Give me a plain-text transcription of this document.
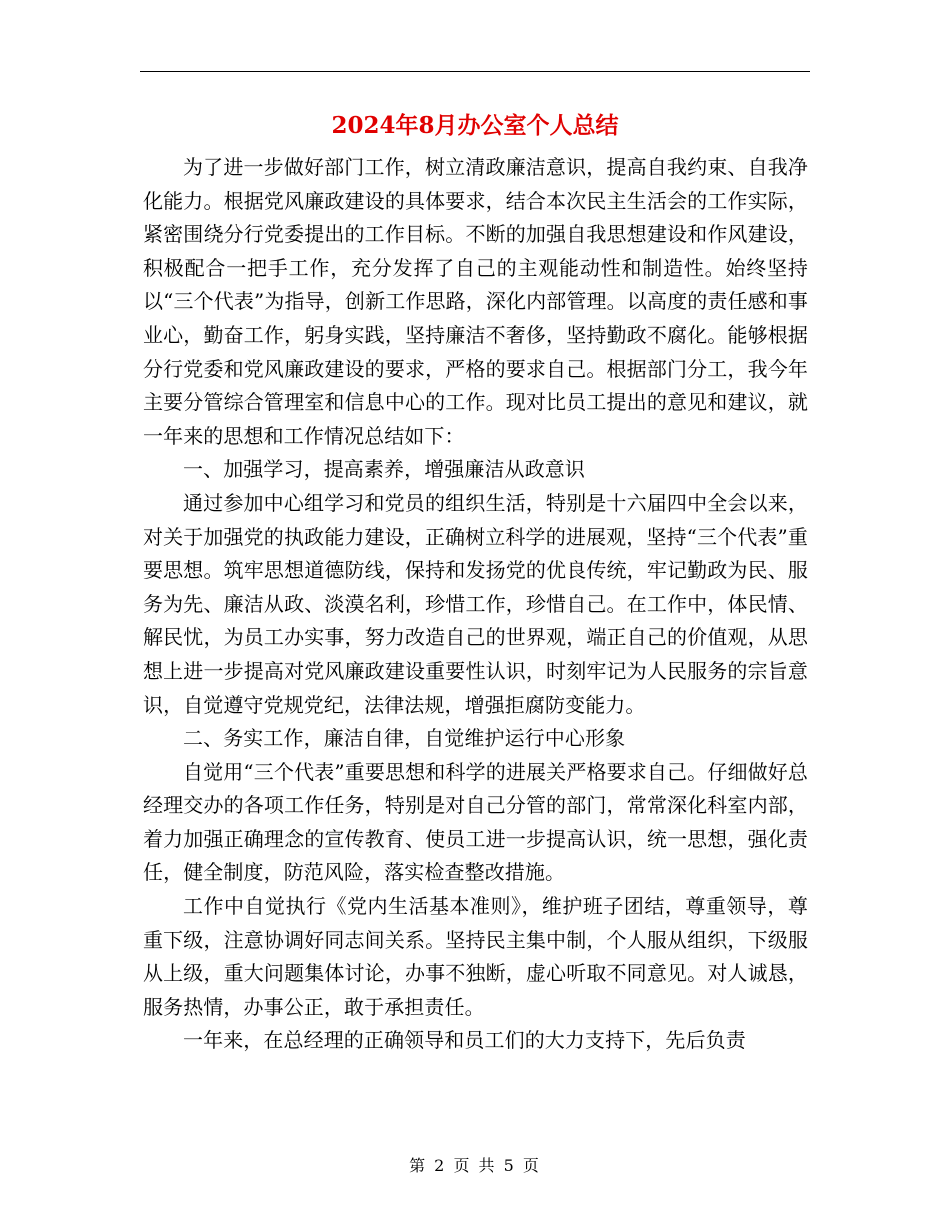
2024年8月办公室个人总结

为了进一步做好部门工作，树立清政廉洁意识，提高自我约束、自我净化能力。根据党风廉政建设的具体要求，结合本次民主生活会的工作实际，紧密围绕分行党委提出的工作目标。不断的加强自我思想建设和作风建设，积极配合一把手工作，充分发挥了自己的主观能动性和制造性。始终坚持以“三个代表”为指导，创新工作思路，深化内部管理。以高度的责任感和事业心，勤奋工作，躬身实践，坚持廉洁不奢侈，坚持勤政不腐化。能够根据分行党委和党风廉政建设的要求，严格的要求自己。根据部门分工，我今年主要分管综合管理室和信息中心的工作。现对比员工提出的意见和建议，就一年来的思想和工作情况总结如下：

一、加强学习，提高素养，增强廉洁从政意识

通过参加中心组学习和党员的组织生活，特别是十六届四中全会以来，对关于加强党的执政能力建设，正确树立科学的进展观，坚持“三个代表”重要思想。筑牢思想道德防线，保持和发扬党的优良传统，牢记勤政为民、服务为先、廉洁从政、淡漠名利，珍惜工作，珍惜自己。在工作中，体民情、解民忧，为员工办实事，努力改造自己的世界观，端正自己的价值观，从思想上进一步提高对党风廉政建设重要性认识，时刻牢记为人民服务的宗旨意识，自觉遵守党规党纪，法律法规，增强拒腐防变能力。

二、务实工作，廉洁自律，自觉维护运行中心形象

自觉用“三个代表”重要思想和科学的进展关严格要求自己。仔细做好总经理交办的各项工作任务，特别是对自己分管的部门，常常深化科室内部，着力加强正确理念的宣传教育、使员工进一步提高认识，统一思想，强化责任，健全制度，防范风险，落实检查整改措施。

工作中自觉执行《党内生活基本准则》，维护班子团结，尊重领导，尊重下级，注意协调好同志间关系。坚持民主集中制，个人服从组织，下级服从上级，重大问题集体讨论，办事不独断，虚心听取不同意见。对人诚恳，服务热情，办事公正，敢于承担责任。

一年来，在总经理的正确领导和员工们的大力支持下，先后负责

第 2 页 共 5 页
